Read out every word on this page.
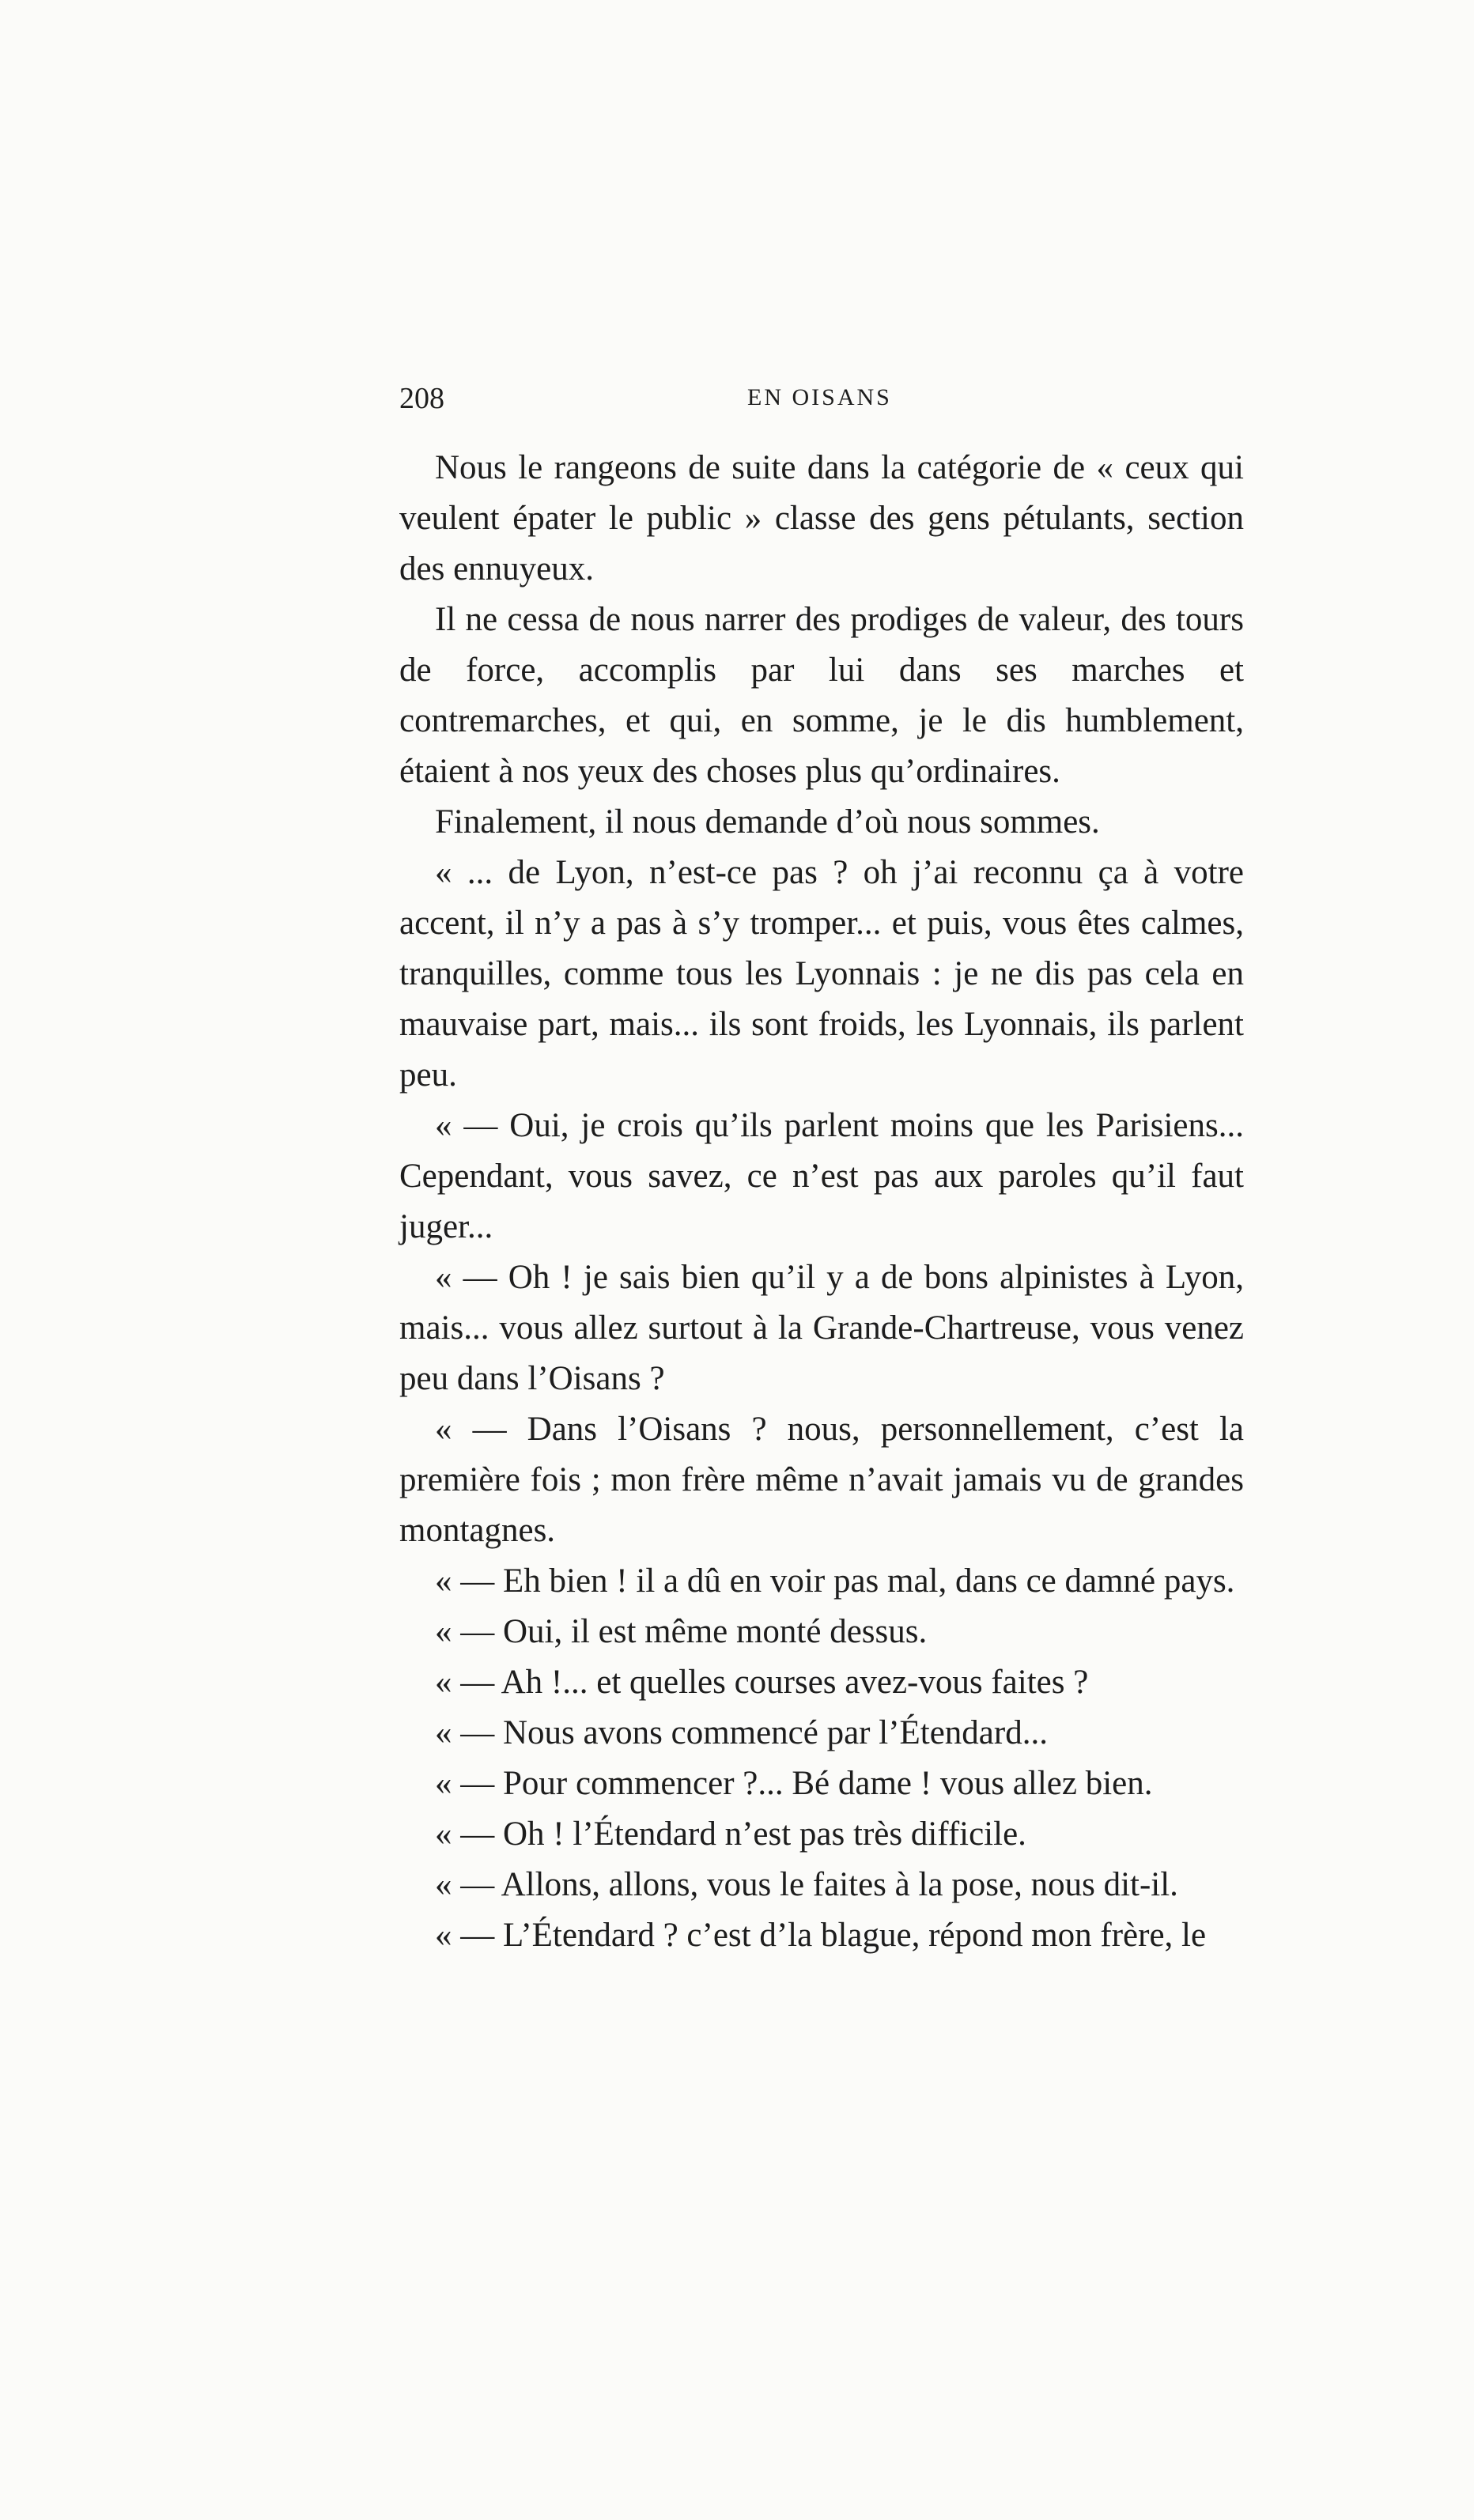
208	EN OISANS

Nous le rangeons de suite dans la catégorie de « ceux qui veulent épater le public » classe des gens pétulants, section des ennuyeux.

Il ne cessa de nous narrer des prodiges de valeur, des tours de force, accomplis par lui dans ses marches et contremarches, et qui, en somme, je le dis humblement, étaient à nos yeux des choses plus qu’ordinaires.

Finalement, il nous demande d’où nous sommes.

« ... de Lyon, n’est-ce pas ? oh j’ai reconnu ça à votre accent, il n’y a pas à s’y tromper... et puis, vous êtes calmes, tranquilles, comme tous les Lyonnais : je ne dis pas cela en mauvaise part, mais... ils sont froids, les Lyonnais, ils parlent peu.

« — Oui, je crois qu’ils parlent moins que les Parisiens... Cependant, vous savez, ce n’est pas aux paroles qu’il faut juger...

« — Oh ! je sais bien qu’il y a de bons alpinistes à Lyon, mais... vous allez surtout à la Grande-Chartreuse, vous venez peu dans l’Oisans ?

« — Dans l’Oisans ? nous, personnellement, c’est la première fois ; mon frère même n’avait jamais vu de grandes montagnes.

« — Eh bien ! il a dû en voir pas mal, dans ce damné pays.

« — Oui, il est même monté dessus.

« — Ah !... et quelles courses avez-vous faites ?

« — Nous avons commencé par l’Étendard...

« — Pour commencer ?... Bé dame ! vous allez bien.

« — Oh ! l’Étendard n’est pas très difficile.

« — Allons, allons, vous le faites à la pose, nous dit-il.

« — L’Étendard ? c’est d’la blague, répond mon frère, le
